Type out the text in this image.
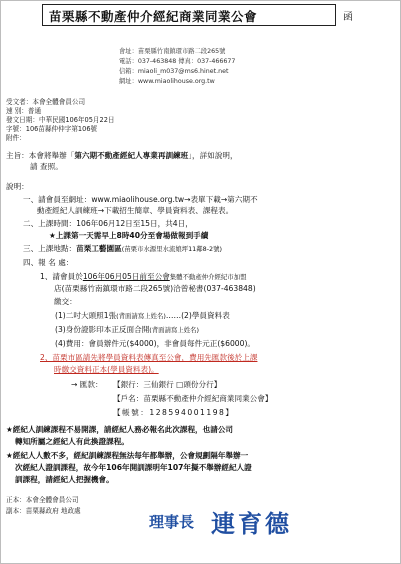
苗栗縣不動產仲介經紀商業同業公會	函
會址：苗栗縣竹南鎮環市路二段265號
電話：037-463848 傳真：037-466677
信箱：miaoli_m037@ms6.hinet.net
網址：www.miaolihouse.org.tw
受文者：本會全體會員公司
速 別：普通
發文日期：中華民國106年05月22日
字號：106苗縣仲仲字第106號
附件：
主旨：本會將舉辦「第六期不動產經紀人專業再訓練班」，詳如說明，
請 查照。
說明：
一、請會員至網址：www.miaolihouse.org.tw→表單下載→第六期不
動產經紀人訓練班→下載招生簡章、學員資料表、課程表。
二、上課時間：106年06月12日至15日，共4日，
★上課第一天需早上8時40分至會場做報到手續
三、上課地點：苗栗工藝園區(苗栗市水源里水流娘坪11鄰8-2號)
四、報 名 處：
1、請會員於106年06月05日前至公會集體不動產仲介經紀市加盟
店(苗栗縣竹南鎮環市路二段265號)洽曾秘書(037-463848)
繳交：
(1)二吋大頭照1張(背面請寫上姓名)……(2)學員資料表
(3)身份證影印本正反面合開(背面請寫上姓名)
(4)費用：會員辦件元($4000)，非會員每件元正($6000)。
2、苗栗市區請先將學員資料表傳真至公會，費用先匯款後於上課
時繳交資料正本(學員資料表)。
→ 匯款： 【銀行：三仙銀行 □頭份分行】
【戶名：苗栗縣不動產仲介經紀商業同業公會】
【帳號：128594001198】
★經紀人訓練課程不易開課，請經紀人務必報名此次課程，也請公司
轉知所屬之經紀人有此換證課程。
★經紀人人數不多，經紀訓練課程無法每年都舉辦，公會規劃隔年舉辦一
次經紀人證訓課程，故今年106年開訓課明年107年擬不舉辦經紀人證
訓課程，請經紀人把握機會。
正本：本會全體會員公司
副本：苗栗縣政府 地政處
理事長 連育德
